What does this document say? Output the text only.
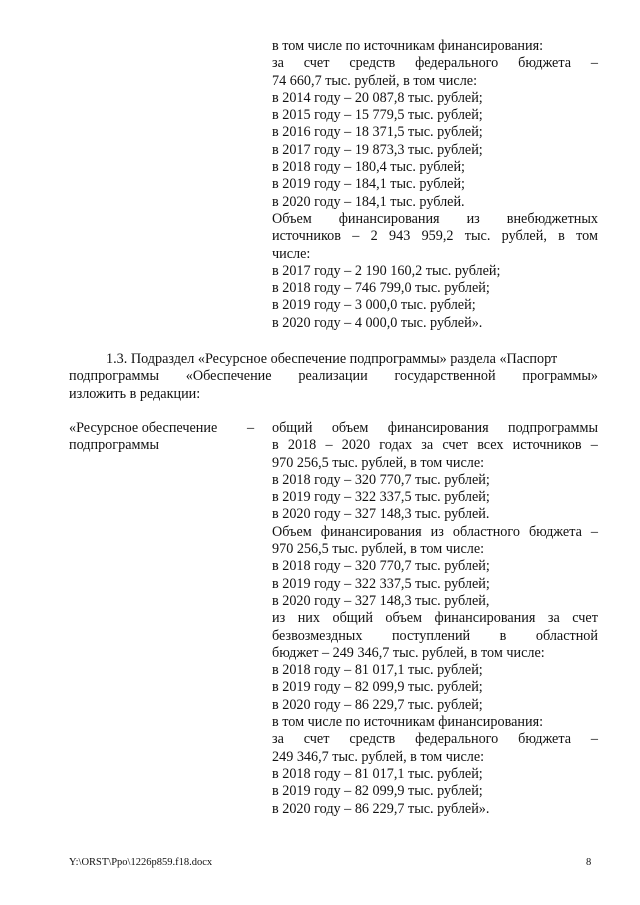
в том числе по источникам финансирования:
за счет средств федерального бюджета –
74 660,7 тыс. рублей, в том числе:
в 2014 году – 20 087,8 тыс. рублей;
в 2015 году – 15 779,5 тыс. рублей;
в 2016 году – 18 371,5 тыс. рублей;
в 2017 году – 19 873,3 тыс. рублей;
в 2018 году – 180,4 тыс. рублей;
в 2019 году – 184,1 тыс. рублей;
в 2020 году – 184,1 тыс. рублей.
Объем финансирования из внебюджетных
источников – 2 943 959,2 тыс. рублей, в том
числе:
в 2017 году – 2 190 160,2 тыс. рублей;
в 2018 году – 746 799,0 тыс. рублей;
в 2019 году – 3 000,0 тыс. рублей;
в 2020 году – 4 000,0 тыс. рублей».
1.3. Подраздел «Ресурсное обеспечение подпрограммы» раздела «Паспорт
подпрограммы «Обеспечение реализации государственной программы»
изложить в редакции:
«Ресурсное обеспечение
подпрограммы
– общий объем финансирования подпрограммы
в 2018 – 2020 годах за счет всех источников –
970 256,5 тыс. рублей, в том числе:
в 2018 году – 320 770,7 тыс. рублей;
в 2019 году – 322 337,5 тыс. рублей;
в 2020 году – 327 148,3 тыс. рублей.
Объем финансирования из областного бюджета –
970 256,5 тыс. рублей, в том числе:
в 2018 году – 320 770,7 тыс. рублей;
в 2019 году – 322 337,5 тыс. рублей;
в 2020 году – 327 148,3 тыс. рублей,
из них общий объем финансирования за счет
безвозмездных поступлений в областной
бюджет – 249 346,7 тыс. рублей, в том числе:
в 2018 году – 81 017,1 тыс. рублей;
в 2019 году – 82 099,9 тыс. рублей;
в 2020 году – 86 229,7 тыс. рублей;
в том числе по источникам финансирования:
за счет средств федерального бюджета –
249 346,7 тыс. рублей, в том числе:
в 2018 году – 81 017,1 тыс. рублей;
в 2019 году – 82 099,9 тыс. рублей;
в 2020 году – 86 229,7 тыс. рублей».
Y:\ORST\Ppo\1226p859.f18.docx	8
